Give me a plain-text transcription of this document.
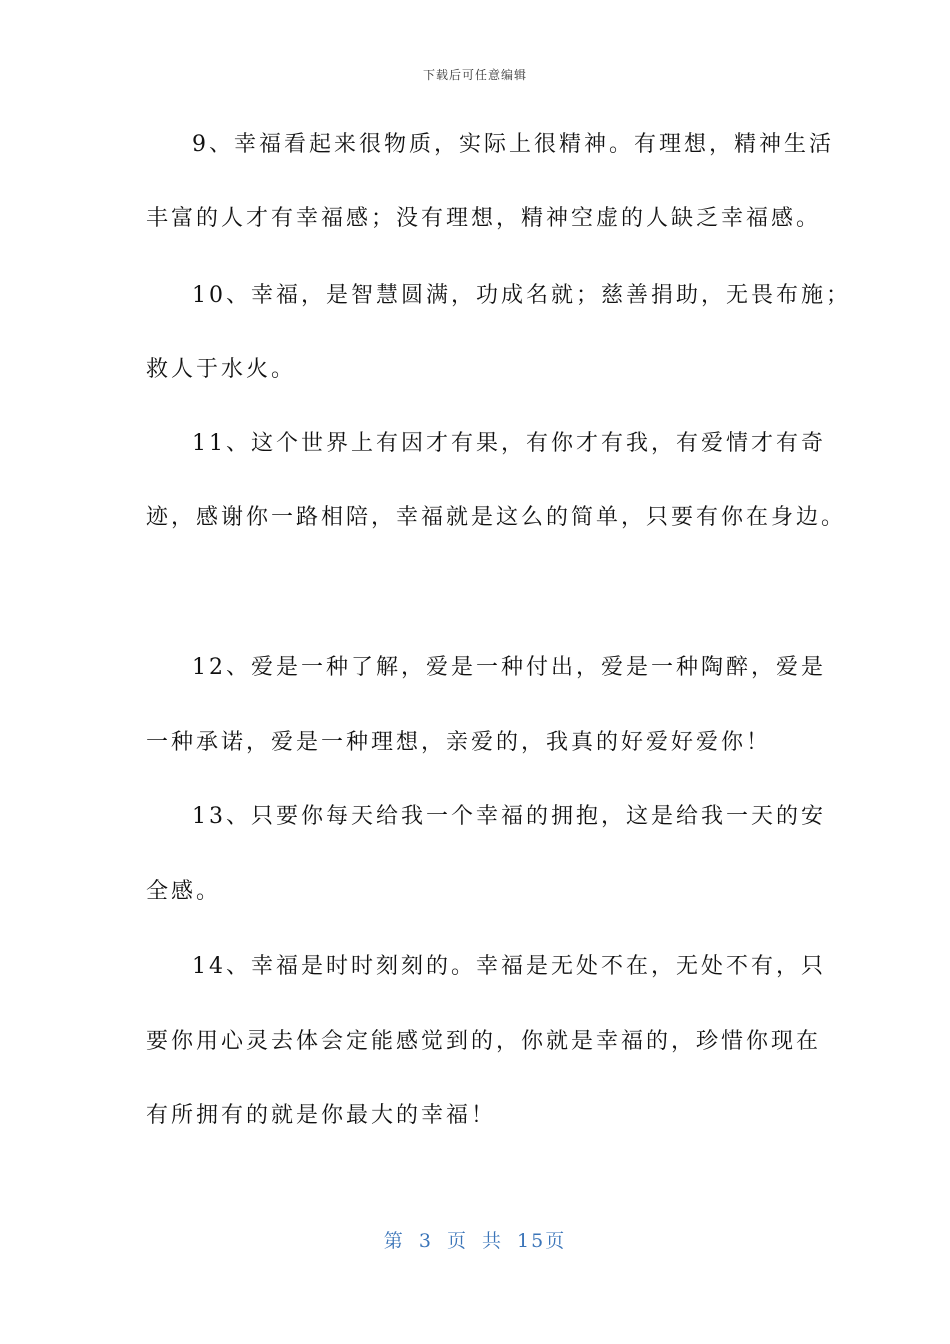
下载后可任意编辑
9、幸福看起来很物质，实际上很精神。有理想，精神生活
丰富的人才有幸福感；没有理想，精神空虚的人缺乏幸福感。
10、幸福，是智慧圆满，功成名就；慈善捐助，无畏布施；
救人于水火。
11、这个世界上有因才有果，有你才有我，有爱情才有奇
迹，感谢你一路相陪，幸福就是这么的简单，只要有你在身边。
12、爱是一种了解，爱是一种付出，爱是一种陶醉，爱是
一种承诺，爱是一种理想，亲爱的，我真的好爱好爱你！
13、只要你每天给我一个幸福的拥抱，这是给我一天的安
全感。
14、幸福是时时刻刻的。幸福是无处不在，无处不有，只
要你用心灵去体会定能感觉到的，你就是幸福的，珍惜你现在
有所拥有的就是你最大的幸福！
第 3 页 共 15页
